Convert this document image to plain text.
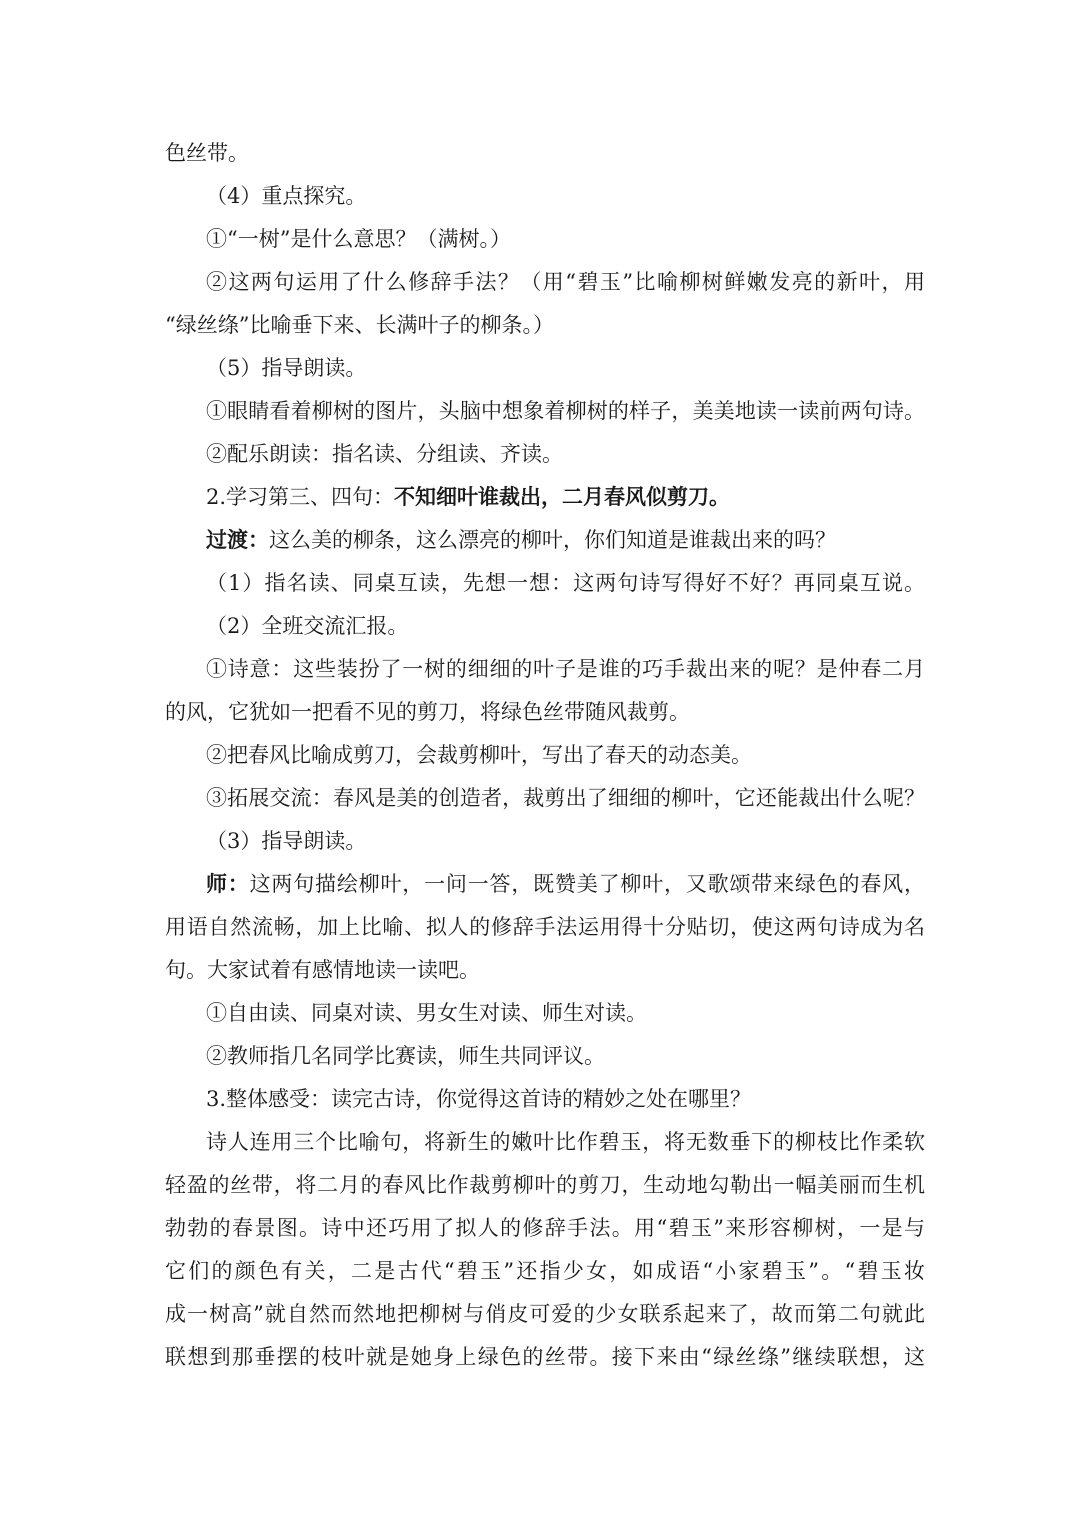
色丝带。
（4）重点探究。
①“一树”是什么意思？（满树。）
②这两句运用了什么修辞手法？（用“碧玉”比喻柳树鲜嫩发亮的新叶，用
“绿丝绦”比喻垂下来、长满叶子的柳条。）
（5）指导朗读。
①眼睛看着柳树的图片，头脑中想象着柳树的样子，美美地读一读前两句诗。
②配乐朗读：指名读、分组读、齐读。
2.学习第三、四句：不知细叶谁裁出，二月春风似剪刀。
过渡：这么美的柳条，这么漂亮的柳叶，你们知道是谁裁出来的吗？
（1）指名读、同桌互读，先想一想：这两句诗写得好不好？再同桌互说。
（2）全班交流汇报。
①诗意：这些装扮了一树的细细的叶子是谁的巧手裁出来的呢？是仲春二月
的风，它犹如一把看不见的剪刀，将绿色丝带随风裁剪。
②把春风比喻成剪刀，会裁剪柳叶，写出了春天的动态美。
③拓展交流：春风是美的创造者，裁剪出了细细的柳叶，它还能裁出什么呢？
（3）指导朗读。
师：这两句描绘柳叶，一问一答，既赞美了柳叶，又歌颂带来绿色的春风，
用语自然流畅，加上比喻、拟人的修辞手法运用得十分贴切，使这两句诗成为名
句。大家试着有感情地读一读吧。
①自由读、同桌对读、男女生对读、师生对读。
②教师指几名同学比赛读，师生共同评议。
3.整体感受：读完古诗，你觉得这首诗的精妙之处在哪里？
诗人连用三个比喻句，将新生的嫩叶比作碧玉，将无数垂下的柳枝比作柔软
轻盈的丝带，将二月的春风比作裁剪柳叶的剪刀，生动地勾勒出一幅美丽而生机
勃勃的春景图。诗中还巧用了拟人的修辞手法。用“碧玉”来形容柳树，一是与
它们的颜色有关，二是古代“碧玉”还指少女，如成语“小家碧玉”。“碧玉妆
成一树高”就自然而然地把柳树与俏皮可爱的少女联系起来了，故而第二句就此
联想到那垂摆的枝叶就是她身上绿色的丝带。接下来由“绿丝绦”继续联想，这
